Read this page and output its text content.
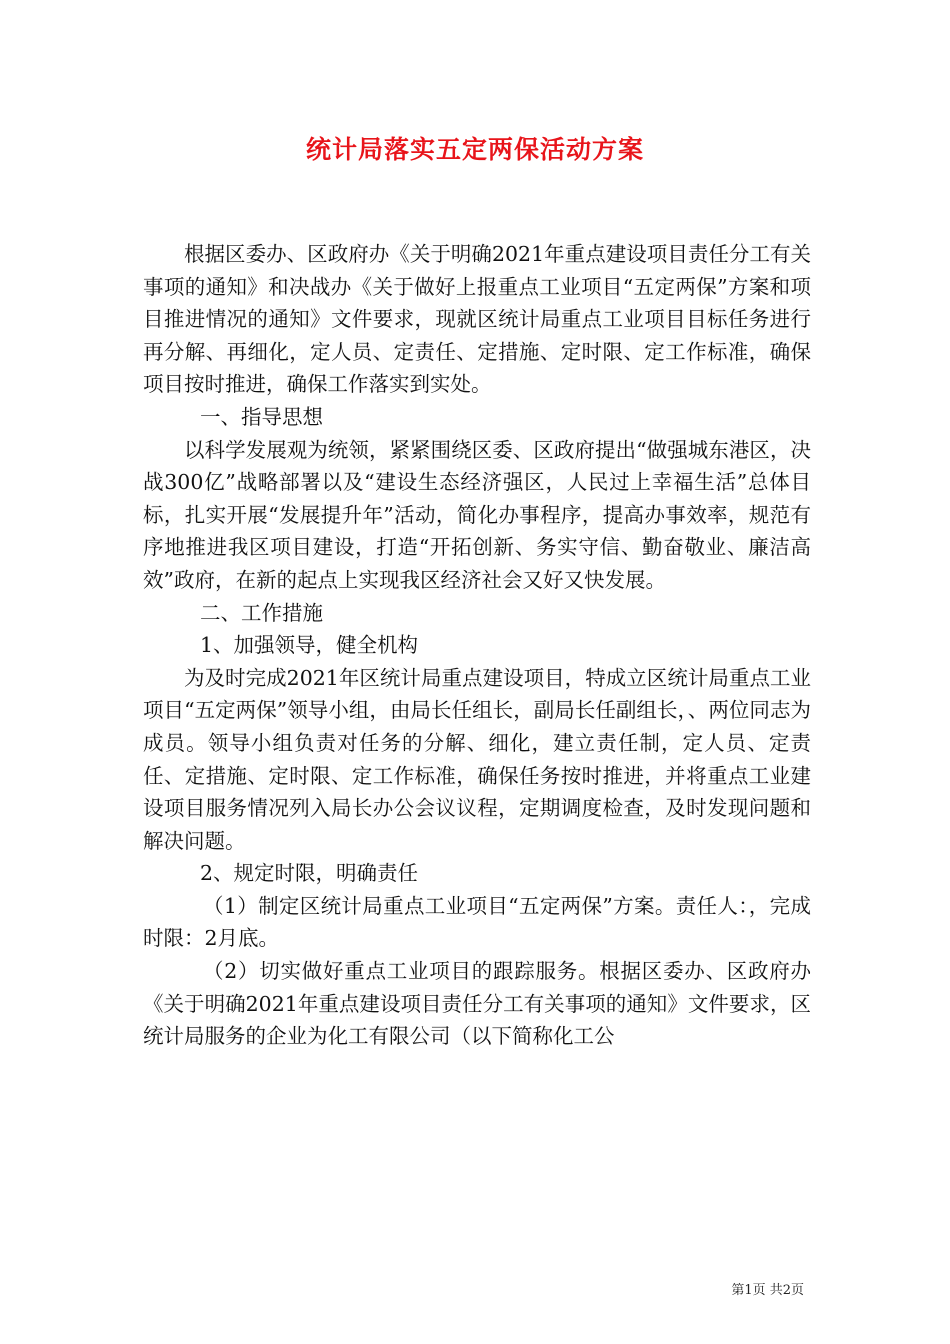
统计局落实五定两保活动方案

根据区委办、区政府办《关于明确2021年重点建设项目责任分工有关事项的通知》和决战办《关于做好上报重点工业项目“五定两保”方案和项目推进情况的通知》文件要求，现就区统计局重点工业项目目标任务进行再分解、再细化，定人员、定责任、定措施、定时限、定工作标准，确保项目按时推进，确保工作落实到实处。

一、指导思想

以科学发展观为统领，紧紧围绕区委、区政府提出“做强城东港区，决战300亿”战略部署以及“建设生态经济强区，人民过上幸福生活”总体目标，扎实开展“发展提升年”活动，简化办事程序，提高办事效率，规范有序地推进我区项目建设，打造“开拓创新、务实守信、勤奋敬业、廉洁高效”政府，在新的起点上实现我区经济社会又好又快发展。

二、工作措施

1、加强领导，健全机构

为及时完成2021年区统计局重点建设项目，特成立区统计局重点工业项目“五定两保”领导小组，由局长任组长，副局长任副组长，、两位同志为成员。领导小组负责对任务的分解、细化，建立责任制，定人员、定责任、定措施、定时限、定工作标准，确保任务按时推进，并将重点工业建设项目服务情况列入局长办公会议议程，定期调度检查，及时发现问题和解决问题。

2、规定时限，明确责任

（1）制定区统计局重点工业项目“五定两保”方案。责任人：，完成时限：2月底。

（2）切实做好重点工业项目的跟踪服务。根据区委办、区政府办《关于明确2021年重点建设项目责任分工有关事项的通知》文件要求，区统计局服务的企业为化工有限公司（以下简称化工公

第1页 共2页
